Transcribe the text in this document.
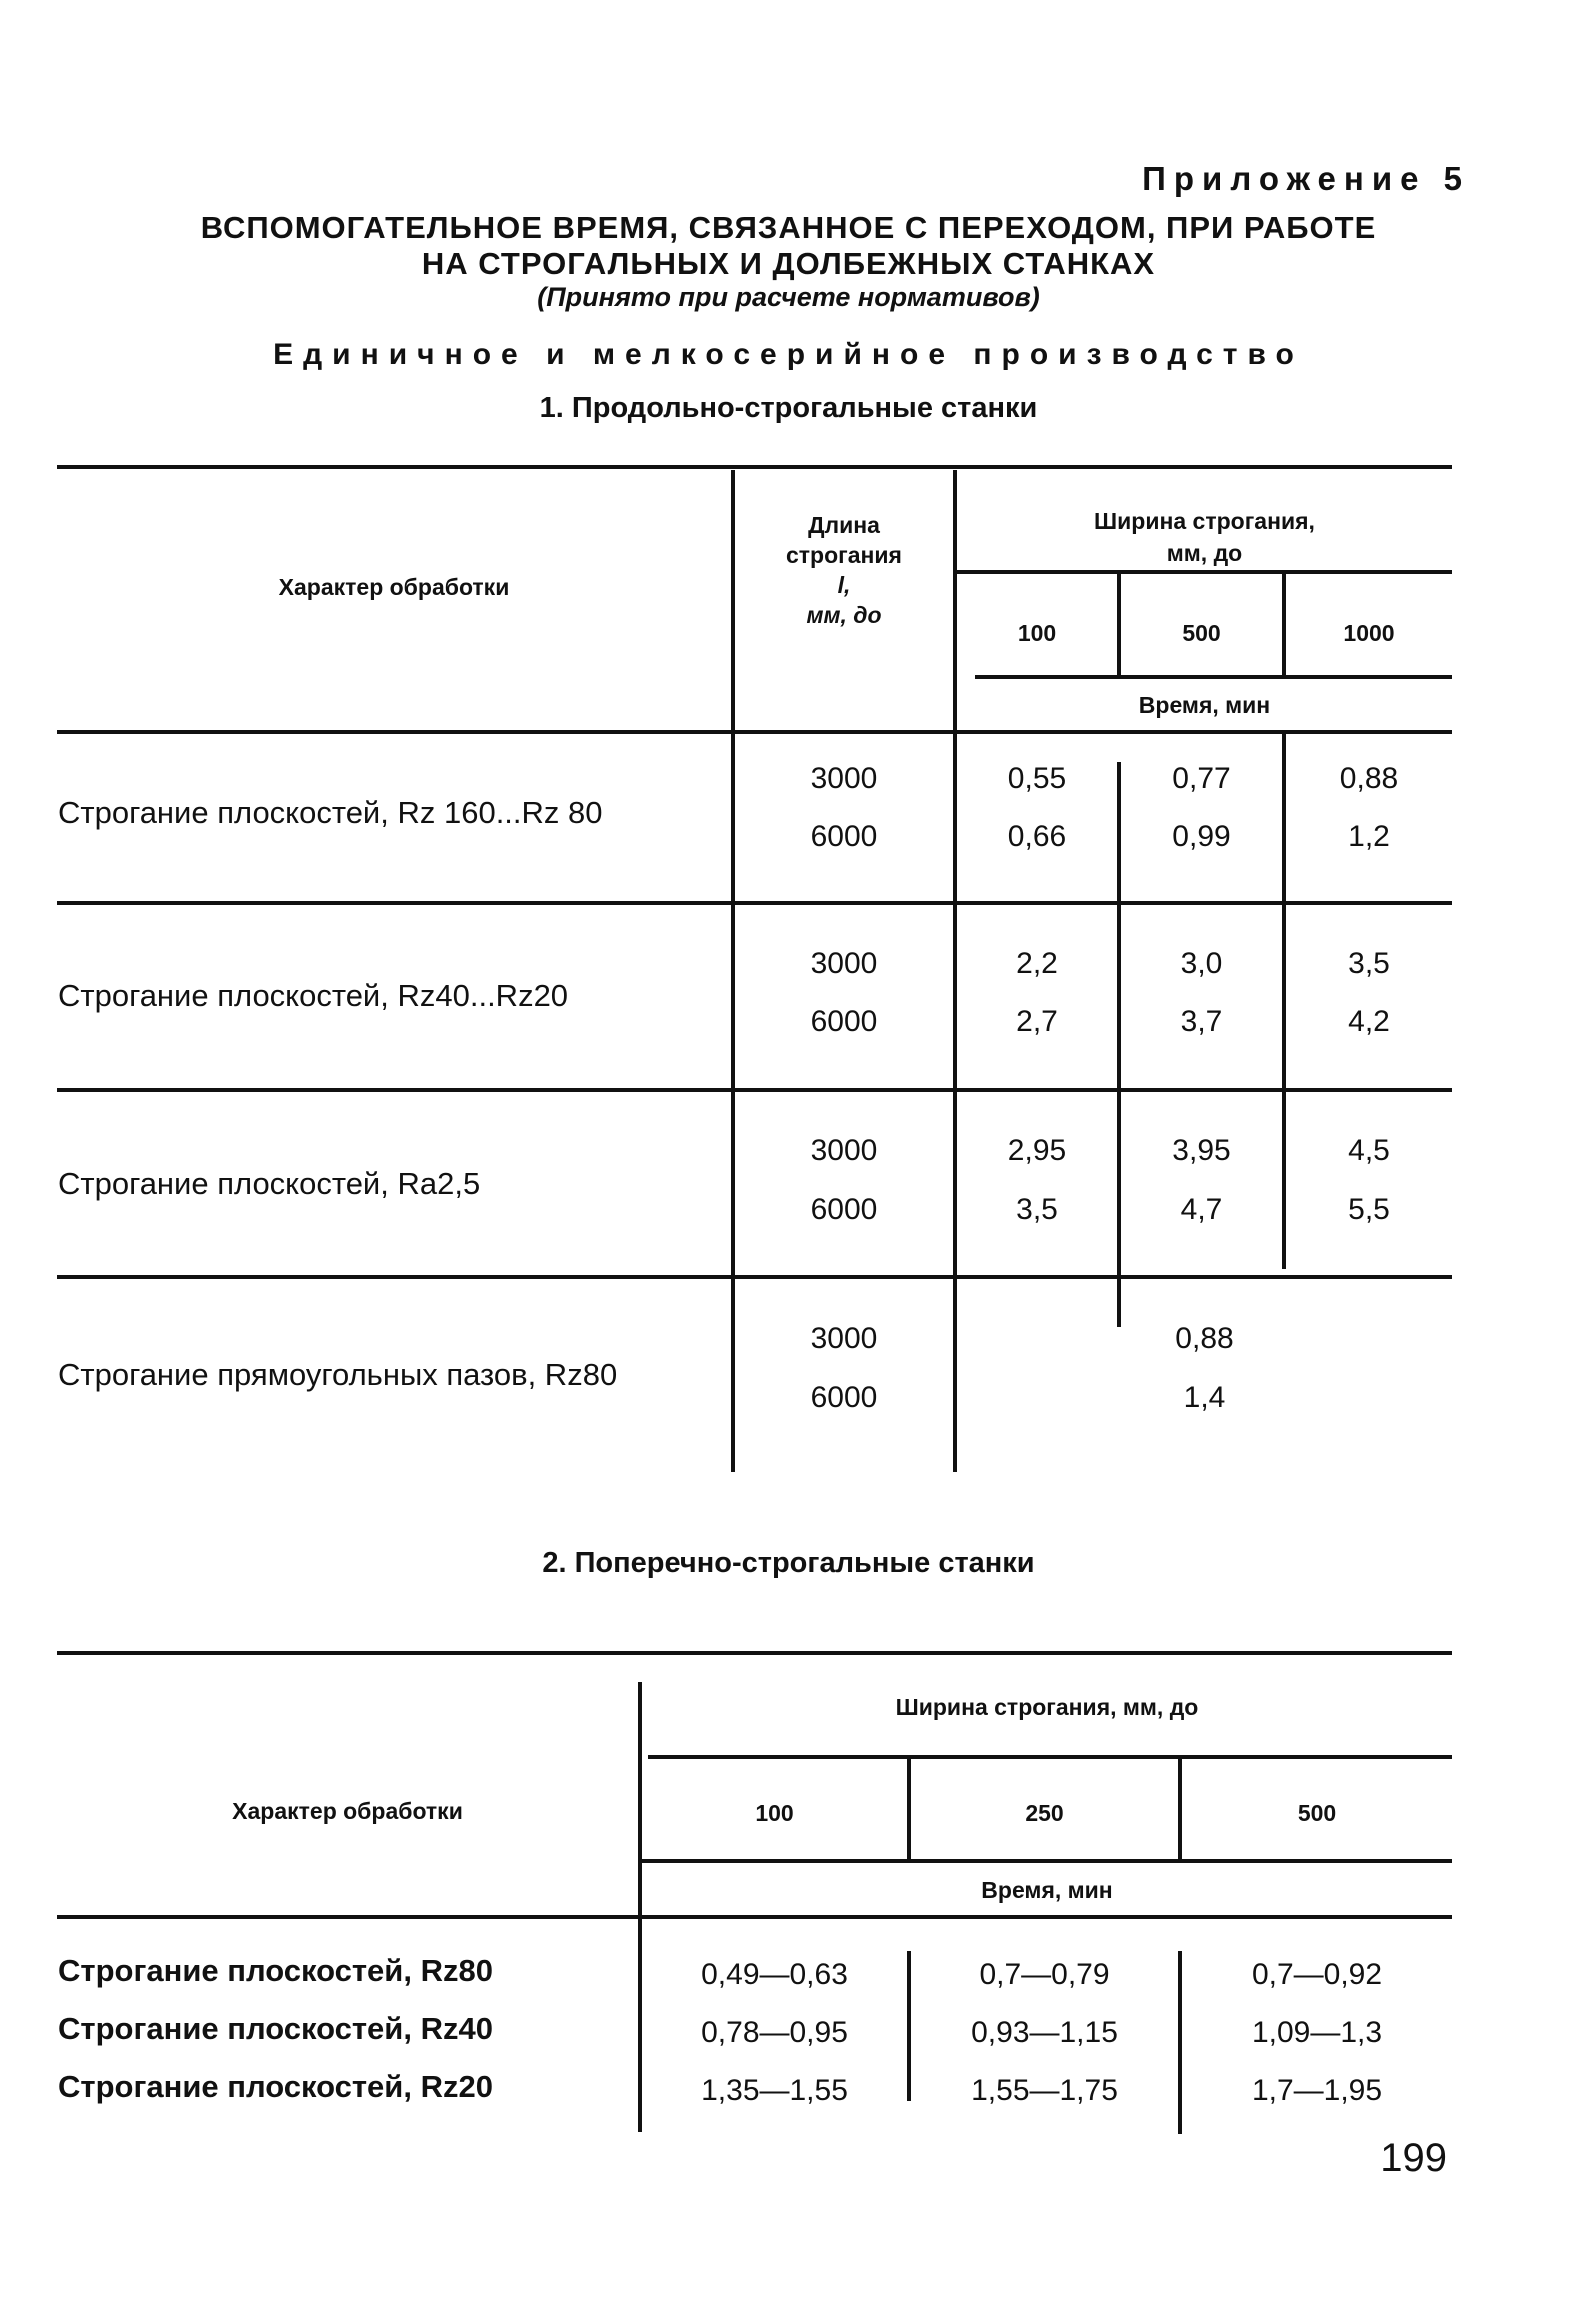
Приложение 5
ВСПОМОГАТЕЛЬНОЕ ВРЕМЯ, СВЯЗАННОЕ С ПЕРЕХОДОМ, ПРИ РАБОТЕ
НА СТРОГАЛЬНЫХ И ДОЛБЕЖНЫХ СТАНКАХ
(Принято при расчете нормативов)
Единичное и мелкосерийное производство
1. Продольно-строгальные станки
Характер обработки
Длина
строгания
l,
мм, до
Ширина строгания,
мм, до
100	500	1000
Время, мин
Строгание плоскостей, Rz 160...Rz 80
3000	0,55	0,77	0,88
6000	0,66	0,99	1,2
Строгание плоскостей, Rz40...Rz20
3000	2,2	3,0	3,5
6000	2,7	3,7	4,2
Строгание плоскостей, Ra2,5
3000	2,95	3,95	4,5
6000	3,5	4,7	5,5
Строгание прямоугольных пазов, Rz80
3000	0,88
6000	1,4
2. Поперечно-строгальные станки
Характер обработки
Ширина строгания, мм, до
100	250	500
Время, мин
Строгание плоскостей, Rz80	0,49—0,63	0,7—0,79	0,7—0,92
Строгание плоскостей, Rz40	0,78—0,95	0,93—1,15	1,09—1,3
Строгание плоскостей, Rz20	1,35—1,55	1,55—1,75	1,7—1,95
199
